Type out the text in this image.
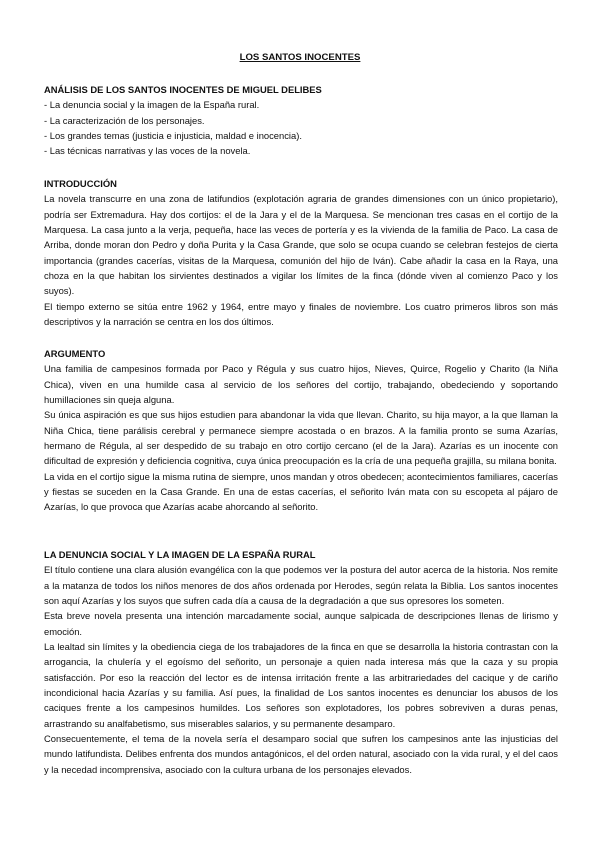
LOS SANTOS INOCENTES

ANÁLISIS DE LOS SANTOS INOCENTES DE MIGUEL DELIBES

- La denuncia social y la imagen de la España rural.
- La caracterización de los personajes.
- Los grandes temas (justicia e injusticia, maldad e inocencia).
- Las técnicas narrativas y las voces de la novela.

INTRODUCCIÓN

La novela transcurre en una zona de latifundios (explotación agraria de grandes dimensiones con un único propietario), podría ser Extremadura. Hay dos cortijos: el de la Jara y el de la Marquesa. Se mencionan tres casas en el cortijo de la Marquesa. La casa junto a la verja, pequeña, hace las veces de portería y es la vivienda de la familia de Paco. La casa de Arriba, donde moran don Pedro y doña Purita y la Casa Grande, que solo se ocupa cuando se celebran festejos de cierta importancia (grandes cacerías, visitas de la Marquesa, comunión del hijo de Iván). Cabe añadir la casa en la Raya, una choza en la que habitan los sirvientes destinados a vigilar los límites de la finca (dónde viven al comienzo Paco y los suyos).

El tiempo externo se sitúa entre 1962 y 1964, entre mayo y finales de noviembre. Los cuatro primeros libros son más descriptivos y la narración se centra en los dos últimos.

ARGUMENTO

Una familia de campesinos formada por Paco y Régula y sus cuatro hijos, Nieves, Quirce, Rogelio y Charito (la Niña Chica), viven en una humilde casa al servicio de los señores del cortijo, trabajando, obedeciendo y soportando humillaciones sin queja alguna.

Su única aspiración es que sus hijos estudien para abandonar la vida que llevan. Charito, su hija mayor, a la que llaman la Niña Chica, tiene parálisis cerebral y permanece siempre acostada o en brazos. A la familia pronto se suma Azarías, hermano de Régula, al ser despedido de su trabajo en otro cortijo cercano (el de la Jara). Azarías es un inocente con dificultad de expresión y deficiencia cognitiva, cuya única preocupación es la cría de una pequeña grajilla, su milana bonita.

La vida en el cortijo sigue la misma rutina de siempre, unos mandan y otros obedecen; acontecimientos familiares, cacerías y fiestas se suceden en la Casa Grande. En una de estas cacerías, el señorito Iván mata con su escopeta al pájaro de Azarías, lo que provoca que Azarías acabe ahorcando al señorito.

LA DENUNCIA SOCIAL Y LA IMAGEN DE LA ESPAÑA RURAL

El título contiene una clara alusión evangélica con la que podemos ver la postura del autor acerca de la historia. Nos remite a la matanza de todos los niños menores de dos años ordenada por Herodes, según relata la Biblia. Los santos inocentes son aquí Azarías y los suyos que sufren cada día a causa de la degradación a que sus opresores los someten.

Esta breve novela presenta una intención marcadamente social, aunque salpicada de descripciones llenas de lirismo y emoción.

La lealtad sin límites y la obediencia ciega de los trabajadores de la finca en que se desarrolla la historia contrastan con la arrogancia, la chulería y el egoísmo del señorito, un personaje a quien nada interesa más que la caza y su propia satisfacción. Por eso la reacción del lector es de intensa irritación frente a las arbitrariedades del cacique y de cariño incondicional hacia Azarías y su familia. Así pues, la finalidad de Los santos inocentes es denunciar los abusos de los caciques frente a los campesinos humildes. Los señores son explotadores, los pobres sobreviven a duras penas, arrastrando su analfabetismo, sus miserables salarios, y su permanente desamparo.

Consecuentemente, el tema de la novela sería el desamparo social que sufren los campesinos ante las injusticias del mundo latifundista. Delibes enfrenta dos mundos antagónicos, el del orden natural, asociado con la vida rural, y el del caos y la necedad incomprensiva, asociado con la cultura urbana de los personajes elevados.
